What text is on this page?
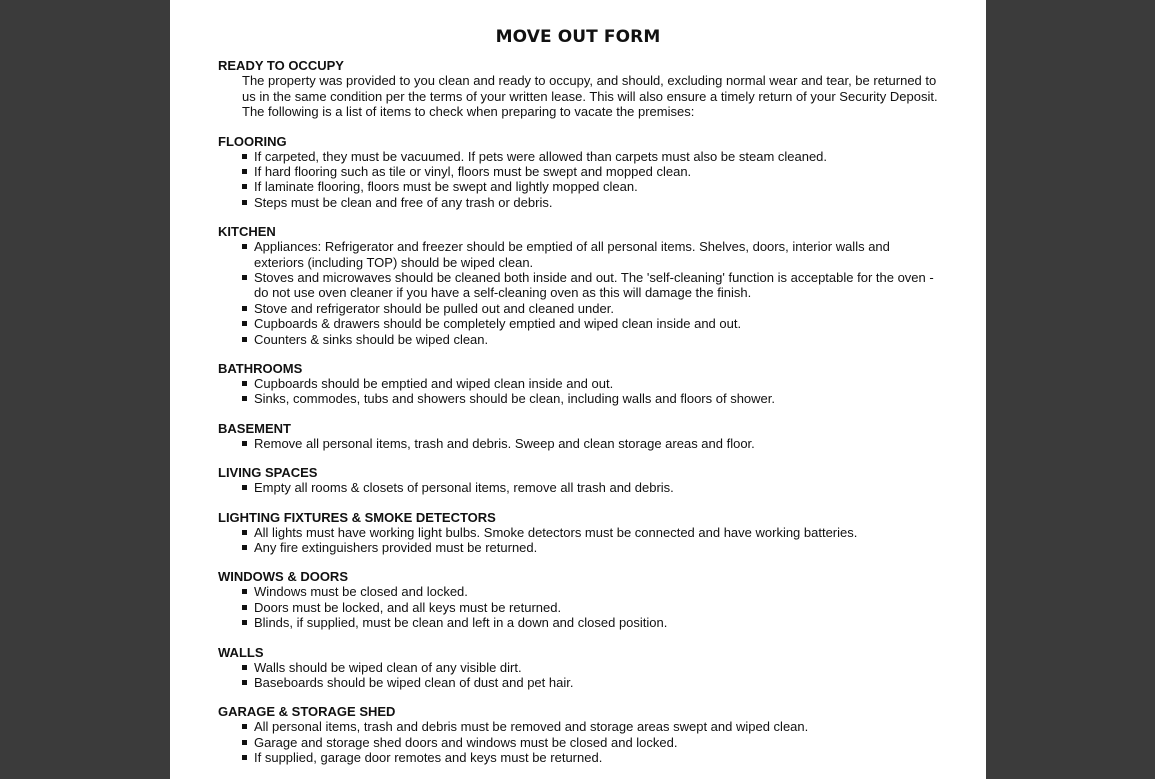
MOVE OUT FORM
READY TO OCCUPY
The property was provided to you clean and ready to occupy, and should, excluding normal wear and tear, be returned to us in the same condition per the terms of your written lease. This will also ensure a timely return of your Security Deposit. The following is a list of items to check when preparing to vacate the premises:
FLOORING
If carpeted, they must be vacuumed. If pets were allowed than carpets must also be steam cleaned.
If hard flooring such as tile or vinyl, floors must be swept and mopped clean.
If laminate flooring, floors must be swept and lightly mopped clean.
Steps must be clean and free of any trash or debris.
KITCHEN
Appliances: Refrigerator and freezer should be emptied of all personal items. Shelves, doors, interior walls and exteriors (including TOP) should be wiped clean.
Stoves and microwaves should be cleaned both inside and out. The 'self-cleaning' function is acceptable for the oven - do not use oven cleaner if you have a self-cleaning oven as this will damage the finish.
Stove and refrigerator should be pulled out and cleaned under.
Cupboards & drawers should be completely emptied and wiped clean inside and out.
Counters & sinks should be wiped clean.
BATHROOMS
Cupboards should be emptied and wiped clean inside and out.
Sinks, commodes, tubs and showers should be clean, including walls and floors of shower.
BASEMENT
Remove all personal items, trash and debris. Sweep and clean storage areas and floor.
LIVING SPACES
Empty all rooms & closets of personal items, remove all trash and debris.
LIGHTING FIXTURES & SMOKE DETECTORS
All lights must have working light bulbs. Smoke detectors must be connected and have working batteries.
Any fire extinguishers provided must be returned.
WINDOWS & DOORS
Windows must be closed and locked.
Doors must be locked, and all keys must be returned.
Blinds, if supplied, must be clean and left in a down and closed position.
WALLS
Walls should be wiped clean of any visible dirt.
Baseboards should be wiped clean of dust and pet hair.
GARAGE & STORAGE SHED
All personal items, trash and debris must be removed and storage areas swept and wiped clean.
Garage and storage shed doors and windows must be closed and locked.
If supplied, garage door remotes and keys must be returned.
